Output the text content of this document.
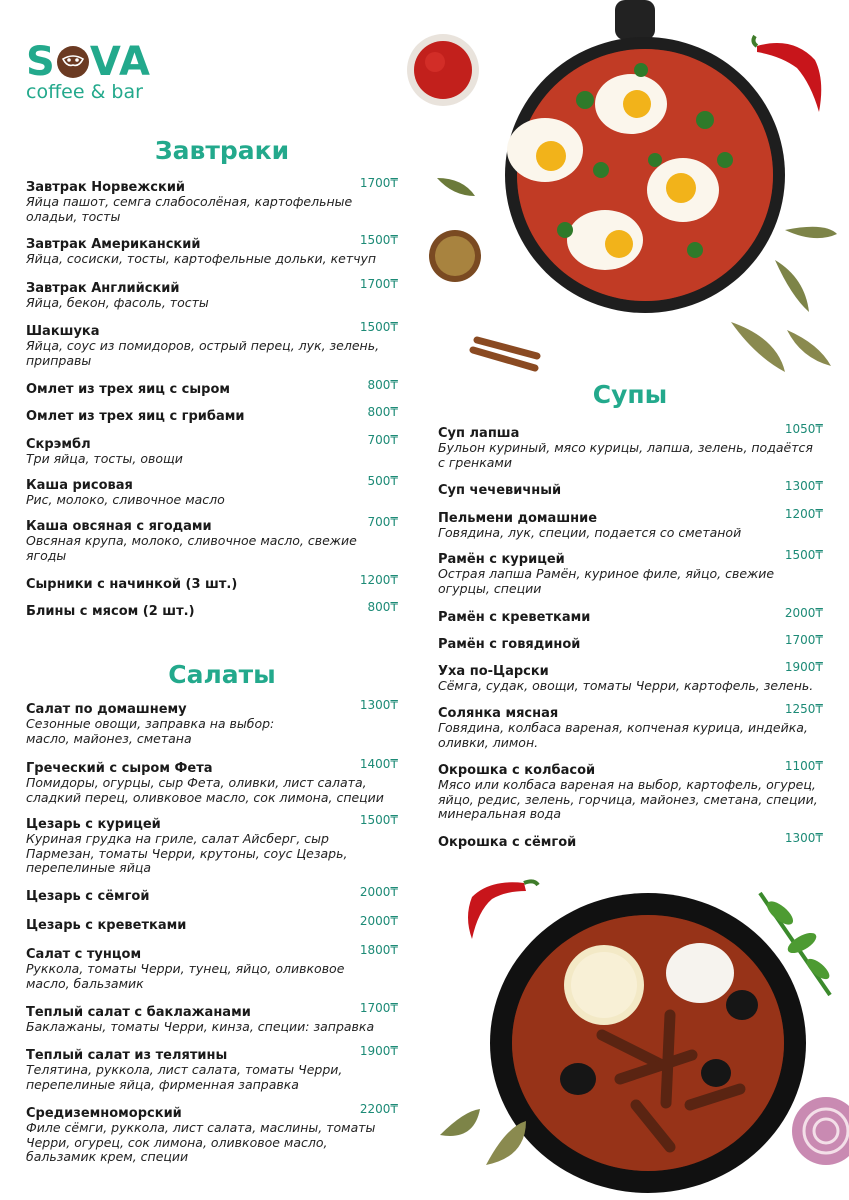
S VA
coffee & bar
Завтраки
Салаты
Супы
Завтрак Норвежский
Яйца пашот, семга слабосолёная, картофельные оладьи, тосты
1700₸
Завтрак Американский
Яйца, сосиски, тосты, картофельные дольки, кетчуп
1500₸
Завтрак Английский
Яйца, бекон, фасоль, тосты
1700₸
Шакшука
Яйца, соус из помидоров, острый перец, лук, зелень, приправы
1500₸
Омлет из трех яиц с сыром	800₸
Омлет из трех яиц с грибами	800₸
Скрэмбл
Три яйца, тосты, овощи
700₸
Каша рисовая
Рис, молоко, сливочное масло
500₸
Каша овсяная с ягодами
Овсяная крупа, молоко, сливочное масло, свежие ягоды
700₸
Сырники с начинкой (3 шт.)	1200₸
Блины с мясом (2 шт.)	800₸
Салат по домашнему
Сезонные овощи, заправка на выбор: масло, майонез, сметана
1300₸
Греческий с сыром Фета
Помидоры, огурцы, сыр Фета, оливки, лист салата, сладкий перец, оливковое масло, сок лимона, специи
1400₸
Цезарь с курицей
Куриная грудка на гриле, салат Айсберг, сыр Пармезан, томаты Черри, крутоны, соус Цезарь, перепелиные яйца
1500₸
Цезарь с сёмгой	2000₸
Цезарь с креветками	2000₸
Салат с тунцом
Руккола, томаты Черри, тунец, яйцо, оливковое масло, бальзамик
1800₸
Теплый салат с баклажанами
Баклажаны, томаты Черри, кинза, специи: заправка
1700₸
Теплый салат из телятины
Телятина, руккола, лист салата, томаты Черри, перепелиные яйца, фирменная заправка
1900₸
Средиземноморский
Филе сёмги, руккола, лист салата, маслины, томаты Черри, огурец, сок лимона, оливковое масло, бальзамик крем, специи
2200₸
Суп лапша
Бульон куриный, мясо курицы, лапша, зелень, подаётся с гренками
1050₸
Суп чечевичный	1300₸
Пельмени домашние
Говядина, лук, специи, подается со сметаной
1200₸
Рамён с курицей
Острая лапша Рамён, куриное филе, яйцо, свежие огурцы, специи
1500₸
Рамён с креветками	2000₸
Рамён с говядиной	1700₸
Уха по-Царски
Сёмга, судак, овощи, томаты Черри, картофель, зелень.
1900₸
Солянка мясная
Говядина, колбаса вареная, копченая курица, индейка, оливки, лимон.
1250₸
Окрошка с колбасой
Мясо или колбаса вареная на выбор, картофель, огурец, яйцо, редис, зелень, горчица, майонез, сметана, специи, минеральная вода
1100₸
Окрошка с сёмгой	1300₸
